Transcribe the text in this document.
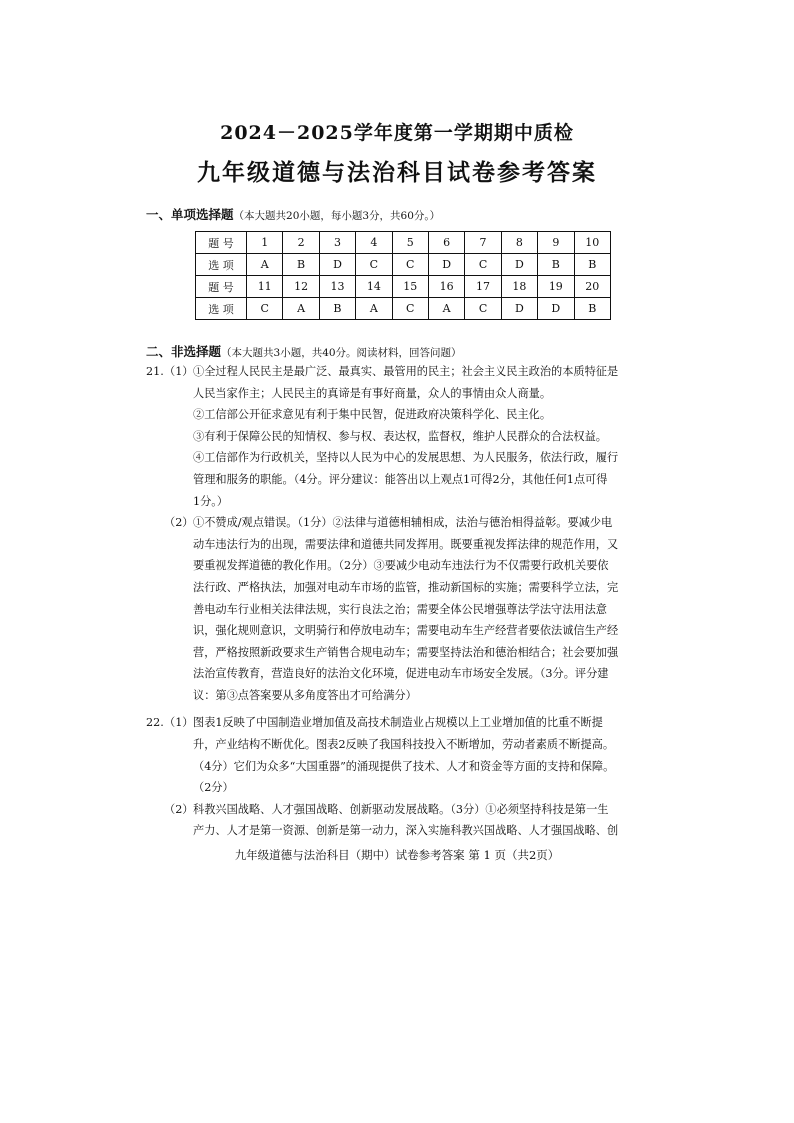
2024－2025学年度第一学期期中质检
九年级道德与法治科目试卷参考答案
一、单项选择题（本大题共20小题，每小题3分，共60分。）
题 号	1	2	3	4	5	6	7	8	9	10
选 项	A	B	D	C	C	D	C	D	B	B
题 号	11	12	13	14	15	16	17	18	19	20
选 项	C	A	B	A	C	A	C	D	D	B
二、非选择题（本大题共3小题，共40分。阅读材料，回答问题）
21. （1） ①全过程人民民主是最广泛、最真实、最管用的民主；社会主义民主政治的本质特征是
人民当家作主；人民民主的真谛是有事好商量，众人的事情由众人商量。
②工信部公开征求意见有利于集中民智，促进政府决策科学化、民主化。
③有利于保障公民的知情权、参与权、表达权，监督权，维护人民群众的合法权益。
④工信部作为行政机关，坚持以人民为中心的发展思想、为人民服务，依法行政，履行
管理和服务的职能。（4分。评分建议：能答出以上观点1可得2分，其他任何1点可得
1分。）
（2） ①不赞成/观点错误。（1分）②法律与道德相辅相成，法治与德治相得益彰。要减少电
动车违法行为的出现，需要法律和道德共同发挥用。既要重视发挥法律的规范作用，又
要重视发挥道德的教化作用。（2分）③要减少电动车违法行为不仅需要行政机关要依
法行政、严格执法，加强对电动车市场的监管，推动新国标的实施；需要科学立法，完
善电动车行业相关法律法规，实行良法之治；需要全体公民增强尊法学法守法用法意
识，强化规则意识，文明骑行和停放电动车；需要电动车生产经营者要依法诚信生产经
营，严格按照新政要求生产销售合规电动车；需要坚持法治和德治相结合；社会要加强
法治宣传教育，营造良好的法治文化环境，促进电动车市场安全发展。（3分。评分建
议：第③点答案要从多角度答出才可给满分）
22. （1） 图表1反映了中国制造业增加值及高技术制造业占规模以上工业增加值的比重不断提
升，产业结构不断优化。图表2反映了我国科技投入不断增加，劳动者素质不断提高。
（4分）它们为众多“大国重器”的涌现提供了技术、人才和资金等方面的支持和保障。
（2分）
（2） 科教兴国战略、人才强国战略、创新驱动发展战略。（3分）①必须坚持科技是第一生
产力、人才是第一资源、创新是第一动力，深入实施科教兴国战略、人才强国战略、创
九年级道德与法治科目（期中）试卷参考答案 第 1 页（共2页）
